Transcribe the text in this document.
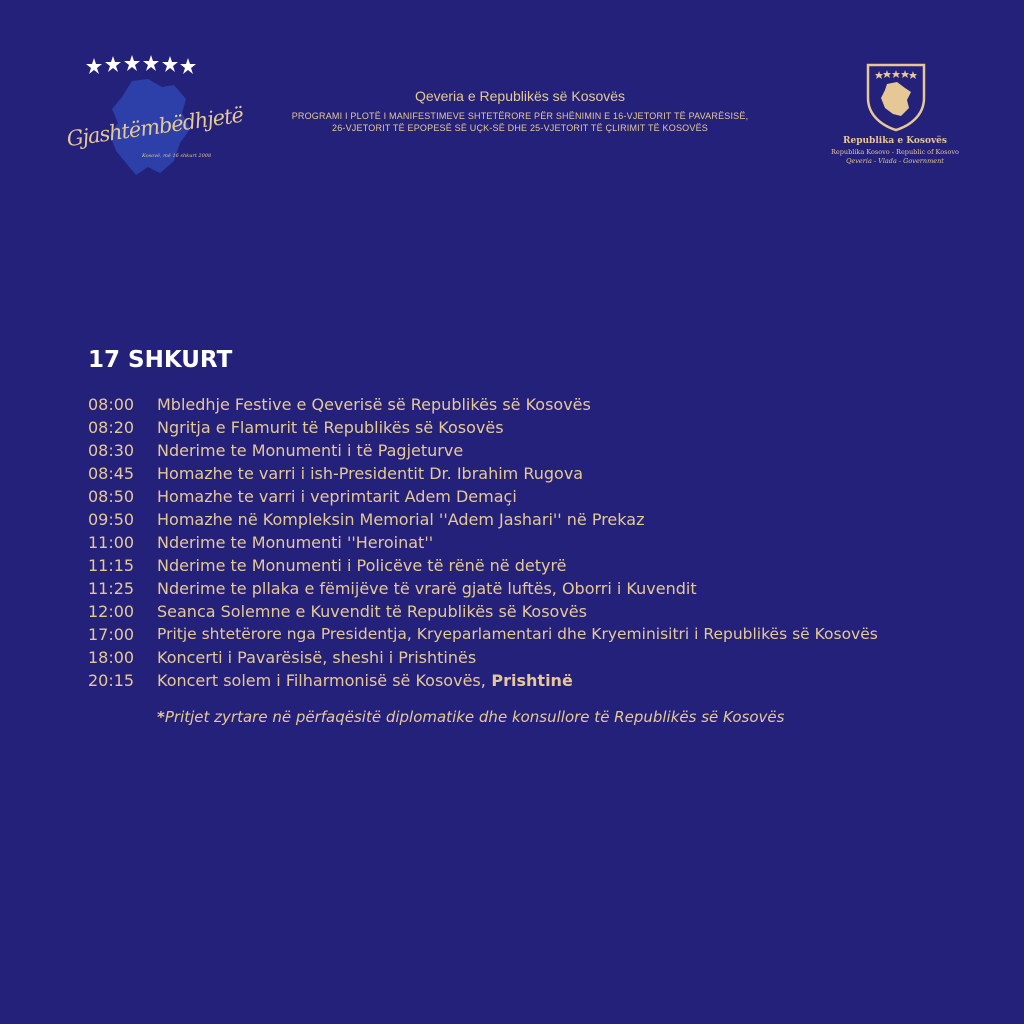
Gjashtëmbëdhjetë
Kosovë, më 16 shkurt 2008
Qeveria e Republikës së Kosovës
PROGRAMI I PLOTË I MANIFESTIMEVE SHTETËRORE PËR SHËNIMIN E 16-VJETORIT TË PAVARËSISË,
26-VJETORIT TË EPOPESË SË UÇK-SË DHE 25-VJETORIT TË ÇLIRIMIT TË KOSOVËS
Republika e Kosovës
Republika Kosovo - Republic of Kosovo
Qeveria - Vlada - Government
17 SHKURT
08:00 Mbledhje Festive e Qeverisë së Republikës së Kosovës
08:20 Ngritja e Flamurit të Republikës së Kosovës
08:30 Nderime te Monumenti i të Pagjeturve
08:45 Homazhe te varri i ish-Presidentit Dr. Ibrahim Rugova
08:50 Homazhe te varri i veprimtarit Adem Demaçi
09:50 Homazhe në Kompleksin Memorial ''Adem Jashari'' në Prekaz
11:00 Nderime te Monumenti ''Heroinat''
11:15 Nderime te Monumenti i Policëve të rënë në detyrë
11:25 Nderime te pllaka e fëmijëve të vrarë gjatë luftës, Oborri i Kuvendit
12:00 Seanca Solemne e Kuvendit të Republikës së Kosovës
17:00 Pritje shtetërore nga Presidentja, Kryeparlamentari dhe Kryeminisitri i Republikës së Kosovës
18:00 Koncerti i Pavarësisë, sheshi i Prishtinës
20:15 Koncert solem i Filharmonisë së Kosovës, Prishtinë
*Pritjet zyrtare në përfaqësitë diplomatike dhe konsullore të Republikës së Kosovës
